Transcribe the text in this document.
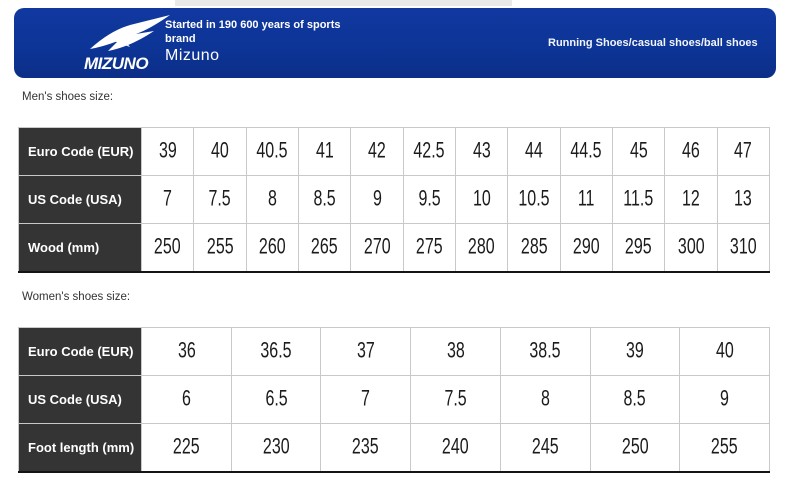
MIZUNO
Started in 190 600 years of sports brand
Mizuno
Running Shoes/casual shoes/ball shoes
Men's shoes size:
Euro Code (EUR)	39	40	40.5	41	42	42.5	43	44	44.5	45	46	47
US Code (USA)	7	7.5	8	8.5	9	9.5	10	10.5	11	11.5	12	13
Wood (mm)	250	255	260	265	270	275	280	285	290	295	300	310
Women's shoes size:
Euro Code (EUR)	36	36.5	37	38	38.5	39	40
US Code (USA)	6	6.5	7	7.5	8	8.5	9
Foot length (mm)	225	230	235	240	245	250	255
